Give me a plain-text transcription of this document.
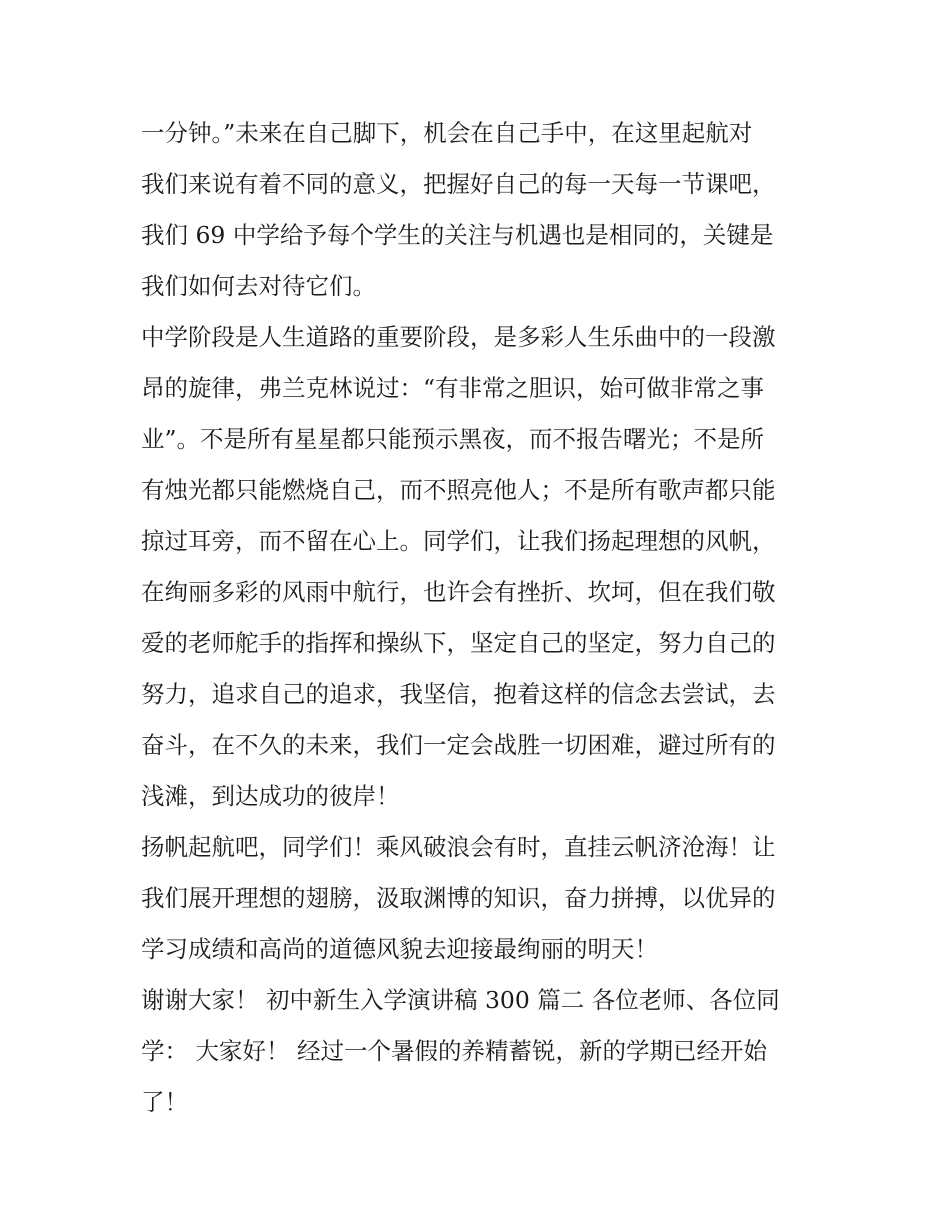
一分钟。”未来在自己脚下，机会在自己手中，在这里起航对
我们来说有着不同的意义，把握好自己的每一天每一节课吧，
我们 69 中学给予每个学生的关注与机遇也是相同的，关键是
我们如何去对待它们。
中学阶段是人生道路的重要阶段，是多彩人生乐曲中的一段激
昂的旋律，弗兰克林说过：“有非常之胆识，始可做非常之事
业”。不是所有星星都只能预示黑夜，而不报告曙光；不是所
有烛光都只能燃烧自己，而不照亮他人；不是所有歌声都只能
掠过耳旁，而不留在心上。同学们，让我们扬起理想的风帆，
在绚丽多彩的风雨中航行，也许会有挫折、坎坷，但在我们敬
爱的老师舵手的指挥和操纵下，坚定自己的坚定，努力自己的
努力，追求自己的追求，我坚信，抱着这样的信念去尝试，去
奋斗，在不久的未来，我们一定会战胜一切困难，避过所有的
浅滩，到达成功的彼岸！
扬帆起航吧，同学们！乘风破浪会有时，直挂云帆济沧海！让
我们展开理想的翅膀，汲取渊博的知识，奋力拼搏，以优异的
学习成绩和高尚的道德风貌去迎接最绚丽的明天！
谢谢大家！ 初中新生入学演讲稿 300 篇二 各位老师、各位同
学： 大家好！ 经过一个暑假的养精蓄锐，新的学期已经开始
了！
